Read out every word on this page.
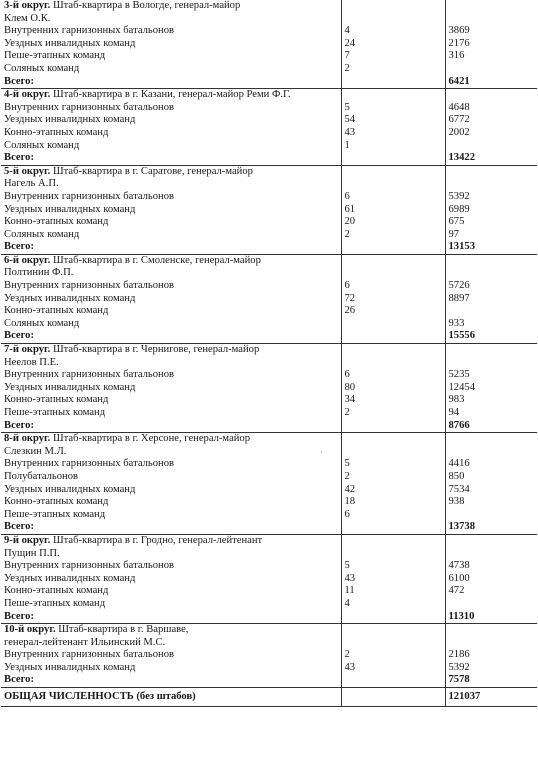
3-й округ. Штаб-квартира в Вологде, генерал-майор		
Клем О.К.		
Внутренних гарнизонных батальонов	4	3869
Уездных инвалидных команд	24	2176
Пеше-этапных команд	7	316
Соляных команд	2	
Всего:		6421
4-й округ. Штаб-квартира в г. Казани, генерал-майор Реми Ф.Г.		
Внутренних гарнизонных батальонов	5	4648
Уездных инвалидных команд	54	6772
Конно-этапных команд	43	2002
Соляных команд	1	
Всего:		13422
5-й округ. Штаб-квартира в г. Саратове, генерал-майор		
Нагель А.П.		
Внутренних гарнизонных батальонов	6	5392
Уездных инвалидных команд	61	6989
Конно-этапных команд	20	675
Соляных команд	2	97
Всего:		13153
6-й округ. Штаб-квартира в г. Смоленске, генерал-майор		
Полтинин Ф.П.		
Внутренних гарнизонных батальонов	6	5726
Уездных инвалидных команд	72	8897
Конно-этапных команд	26	
Соляных команд		933
Всего:		15556
7-й округ. Штаб-квартира в г. Чернигове, генерал-майор		
Неелов П.Е.		
Внутренних гарнизонных батальонов	6	5235
Уездных инвалидных команд	80	12454
Конно-этапных команд	34	983
Пеше-этапных команд	2	94
Всего:		8766
8-й округ. Штаб-квартира в г. Херсоне, генерал-майор		
Слезкин М.Л.		
Внутренних гарнизонных батальонов	5	4416
Полубатальонов	2	850
Уездных инвалидных команд	42	7534
Конно-этапных команд	18	938
Пеше-этапных команд	6	
Всего:		13738
9-й округ. Штаб-квартира в г. Гродно, генерал-лейтенант		
Пущин П.П.		
Внутренних гарнизонных батальонов	5	4738
Уездных инвалидных команд	43	6100
Конно-этапных команд	11	472
Пеше-этапных команд	4	
Всего:		11310
10-й округ. Штаб-квартира в г. Варшаве,		
генерал-лейтенант Ильинский М.С.		
Внутренних гарнизонных батальонов	2	2186
Уездных инвалидных команд	43	5392
Всего:		7578
ОБЩАЯ ЧИСЛЕННОСТЬ (без штабов)		121037
`
